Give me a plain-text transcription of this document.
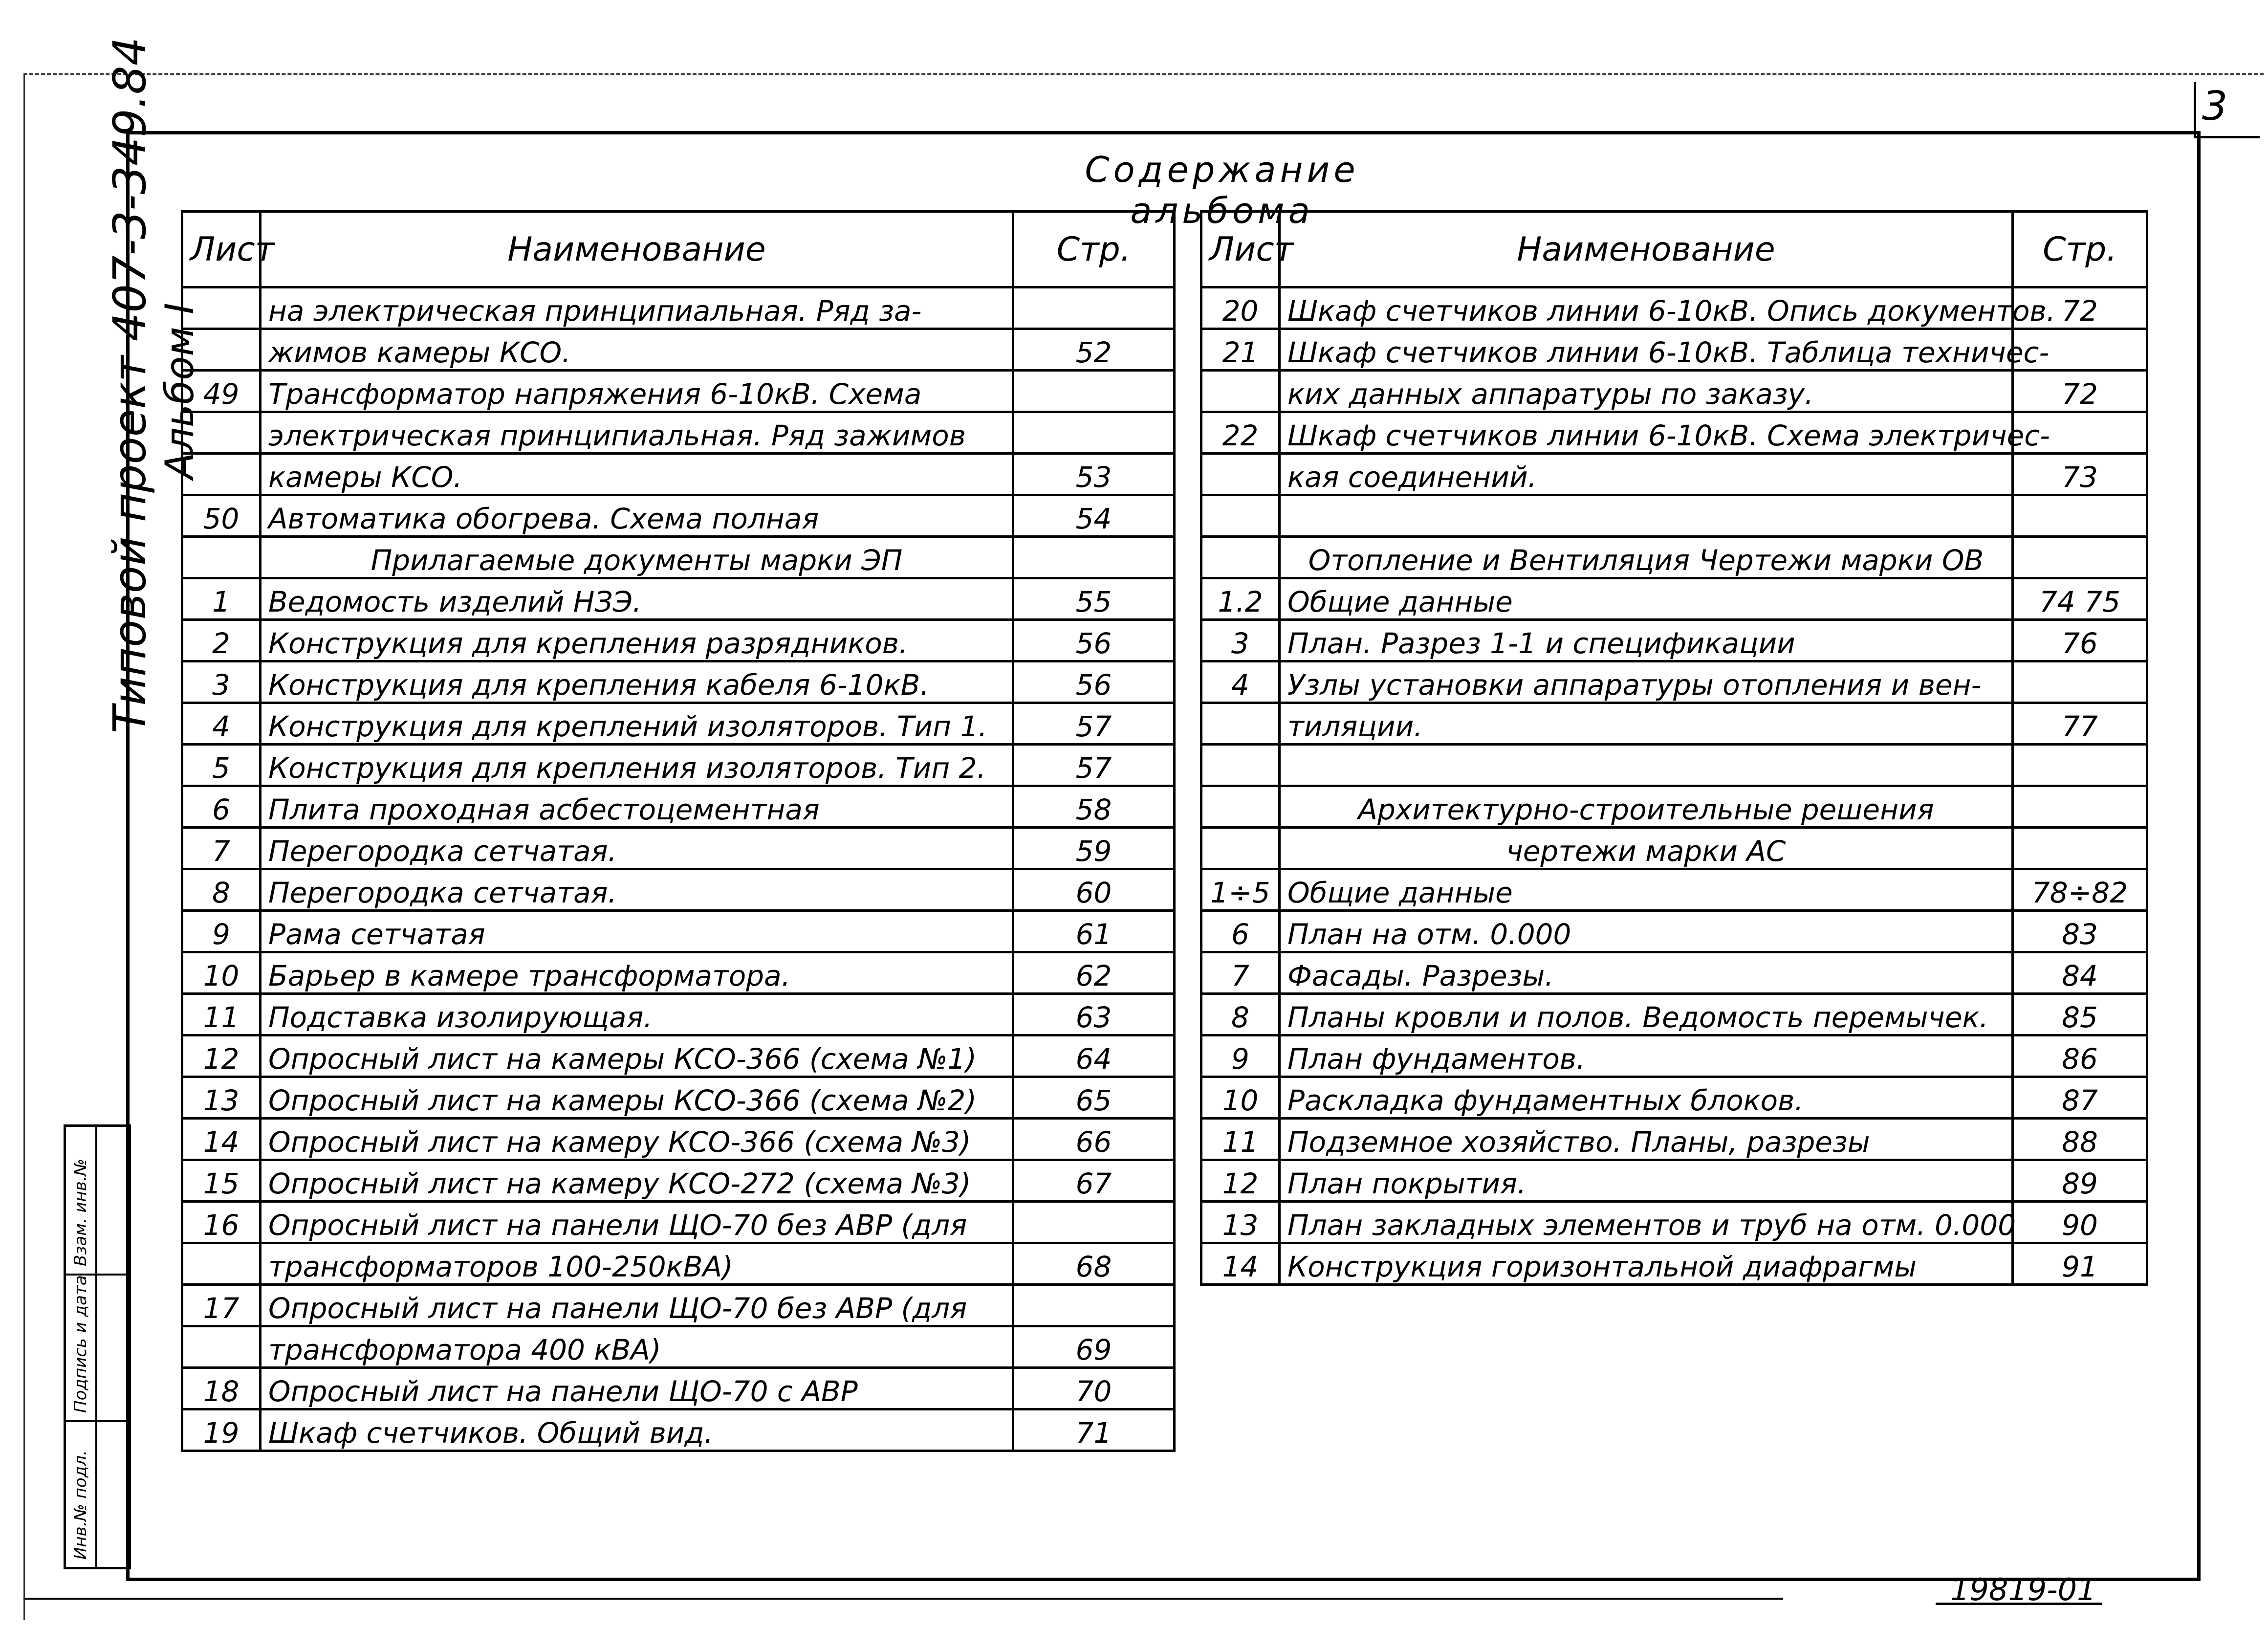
3
Содержание альбома
Типовой проект 407-3-349.84 Альбом I
Взам. инв.№
Подпись и дата
Инв.№ подл.
Лист	Наименование	Стр.
	на электрическая принципиальная. Ряд за-	
	жимов камеры КСО.	52
49	Трансформатор напряжения 6-10кВ. Схема	
	электрическая принципиальная. Ряд зажимов	
	камеры КСО.	53
50	Автоматика обогрева. Схема полная	54
	Прилагаемые документы марки ЭП	
1	Ведомость изделий НЗЭ.	55
2	Конструкция для крепления разрядников.	56
3	Конструкция для крепления кабеля 6-10кВ.	56
4	Конструкция для креплений изоляторов. Тип 1.	57
5	Конструкция для крепления изоляторов. Тип 2.	57
6	Плита проходная асбестоцементная	58
7	Перегородка сетчатая.	59
8	Перегородка сетчатая.	60
9	Рама сетчатая	61
10	Барьер в камере трансформатора.	62
11	Подставка изолирующая.	63
12	Опросный лист на камеры КСО-366 (схема №1)	64
13	Опросный лист на камеры КСО-366 (схема №2)	65
14	Опросный лист на камеру КСО-366 (схема №3)	66
15	Опросный лист на камеру КСО-272 (схема №3)	67
16	Опросный лист на панели ЩО-70 без АВР (для	
	трансформаторов 100-250кВА)	68
17	Опросный лист на панели ЩО-70 без АВР (для	
	трансформатора 400 кВА)	69
18	Опросный лист на панели ЩО-70 с АВР	70
19	Шкаф счетчиков. Общий вид.	71
Лист	Наименование	Стр.
20	Шкаф счетчиков линии 6-10кВ. Опись документов.	72
21	Шкаф счетчиков линии 6-10кВ. Таблица техничес-	
	ких данных аппаратуры по заказу.	72
22	Шкаф счетчиков линии 6-10кВ. Схема электричес-	
	кая соединений.	73

	Отопление и Вентиляция Чертежи марки ОВ	
1.2	Общие данные	74 75
3	План. Разрез 1-1 и спецификации	76
4	Узлы установки аппаратуры отопления и вен-	
	тиляции.	77

	Архитектурно-строительные решения	
	чертежи марки АС	
1÷5	Общие данные	78÷82
6	План на отм. 0.000	83
7	Фасады. Разрезы.	84
8	Планы кровли и полов. Ведомость перемычек.	85
9	План фундаментов.	86
10	Раскладка фундаментных блоков.	87
11	Подземное хозяйство. Планы, разрезы	88
12	План покрытия.	89
13	План закладных элементов и труб на отм. 0.000	90
14	Конструкция горизонтальной диафрагмы	91
19819-01
